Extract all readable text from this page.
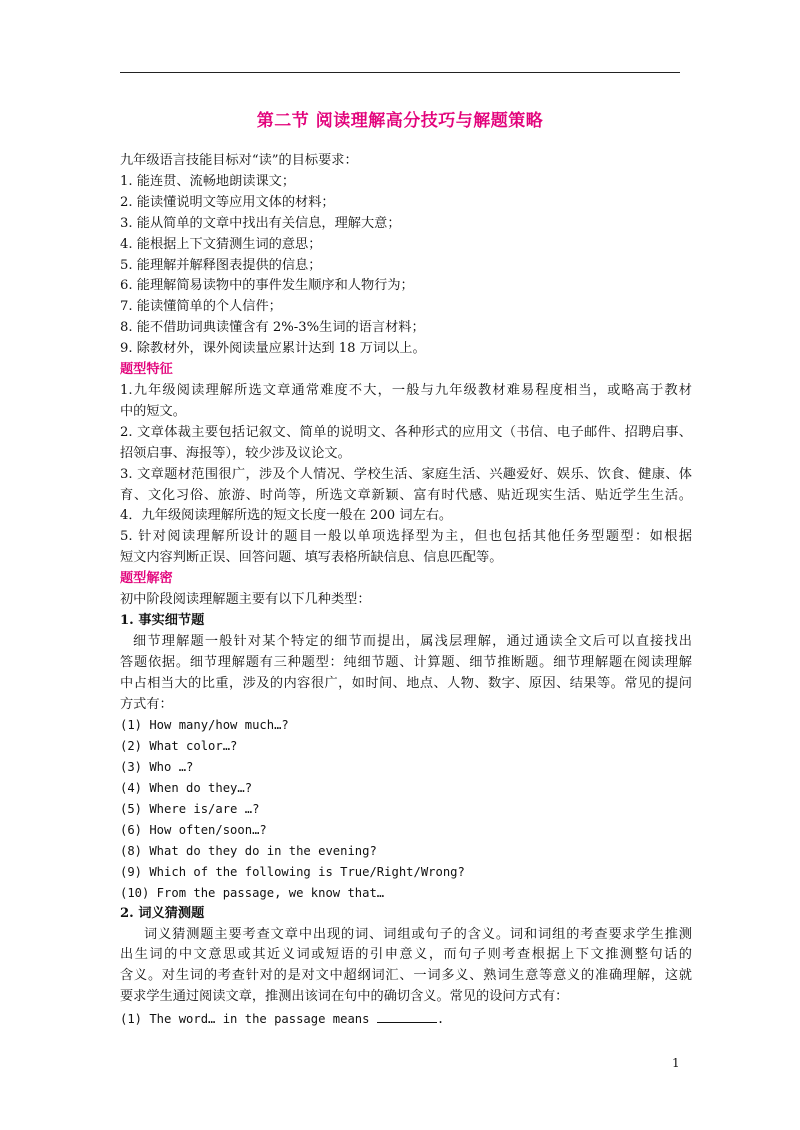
第二节 阅读理解高分技巧与解题策略
九年级语言技能目标对“读”的目标要求：
1. 能连贯、流畅地朗读课文；
2. 能读懂说明文等应用文体的材料；
3. 能从简单的文章中找出有关信息，理解大意；
4. 能根据上下文猜测生词的意思；
5. 能理解并解释图表提供的信息；
6. 能理解简易读物中的事件发生顺序和人物行为；
7. 能读懂简单的个人信件；
8. 能不借助词典读懂含有 2%-3%生词的语言材料；
9. 除教材外，课外阅读量应累计达到 18 万词以上。
题型特征
1.九年级阅读理解所选文章通常难度不大，一般与九年级教材难易程度相当，或略高于教材
中的短文。
2. 文章体裁主要包括记叙文、简单的说明文、各种形式的应用文（书信、电子邮件、招聘启事、
招领启事、海报等），较少涉及议论文。
3. 文章题材范围很广，涉及个人情况、学校生活、家庭生活、兴趣爱好、娱乐、饮食、健康、体
育、文化习俗、旅游、时尚等，所选文章新颖、富有时代感、贴近现实生活、贴近学生生活。
4．九年级阅读理解所选的短文长度一般在 200 词左右。
5. 针对阅读理解所设计的题目一般以单项选择型为主，但也包括其他任务型题型：如根据
短文内容判断正误、回答问题、填写表格所缺信息、信息匹配等。
题型解密
初中阶段阅读理解题主要有以下几种类型：
1. 事实细节题
细节理解题一般针对某个特定的细节而提出，属浅层理解，通过通读全文后可以直接找出
答题依据。细节理解题有三种题型：纯细节题、计算题、细节推断题。细节理解题在阅读理解
中占相当大的比重，涉及的内容很广，如时间、地点、人物、数字、原因、结果等。常见的提问
方式有：
(1) How many/how much…?
(2) What color…?
(3) Who …?
(4) When do they…?
(5) Where is/are …?
(6) How often/soon…?
(8) What do they do in the evening?
(9) Which of the following is True/Right/Wrong?
(10) From the passage, we know that…
2. 词义猜测题
词义猜测题主要考查文章中出现的词、词组或句子的含义。词和词组的考查要求学生推测
出生词的中文意思或其近义词或短语的引申意义，而句子则考查根据上下文推测整句话的
含义。对生词的考查针对的是对文中超纲词汇、一词多义、熟词生意等意义的准确理解，这就
要求学生通过阅读文章，推测出该词在句中的确切含义。常见的设问方式有：
(1) The word… in the passage means	.
1
